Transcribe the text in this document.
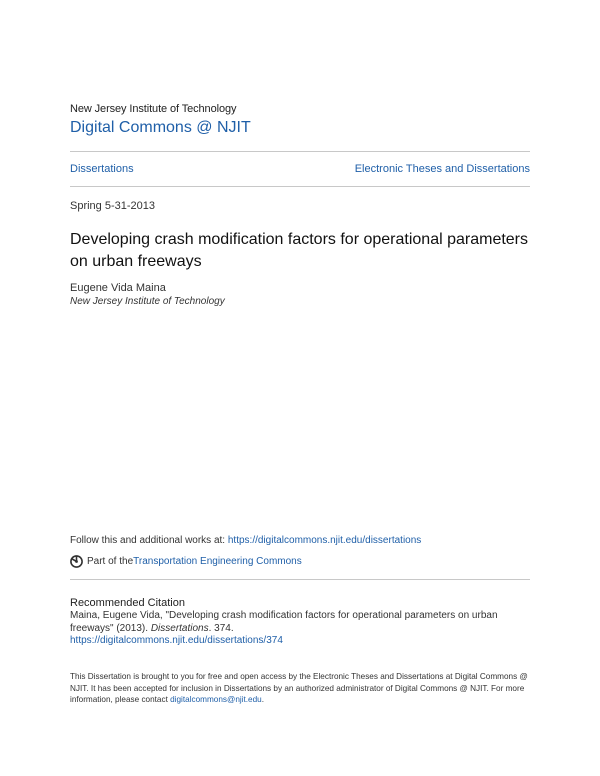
New Jersey Institute of Technology
Digital Commons @ NJIT
Dissertations	Electronic Theses and Dissertations
Spring 5-31-2013
Developing crash modification factors for operational parameters on urban freeways
Eugene Vida Maina
New Jersey Institute of Technology
Follow this and additional works at: https://digitalcommons.njit.edu/dissertations
Part of the Transportation Engineering Commons
Recommended Citation
Maina, Eugene Vida, "Developing crash modification factors for operational parameters on urban freeways" (2013). Dissertations. 374.
https://digitalcommons.njit.edu/dissertations/374
This Dissertation is brought to you for free and open access by the Electronic Theses and Dissertations at Digital Commons @ NJIT. It has been accepted for inclusion in Dissertations by an authorized administrator of Digital Commons @ NJIT. For more information, please contact digitalcommons@njit.edu.
